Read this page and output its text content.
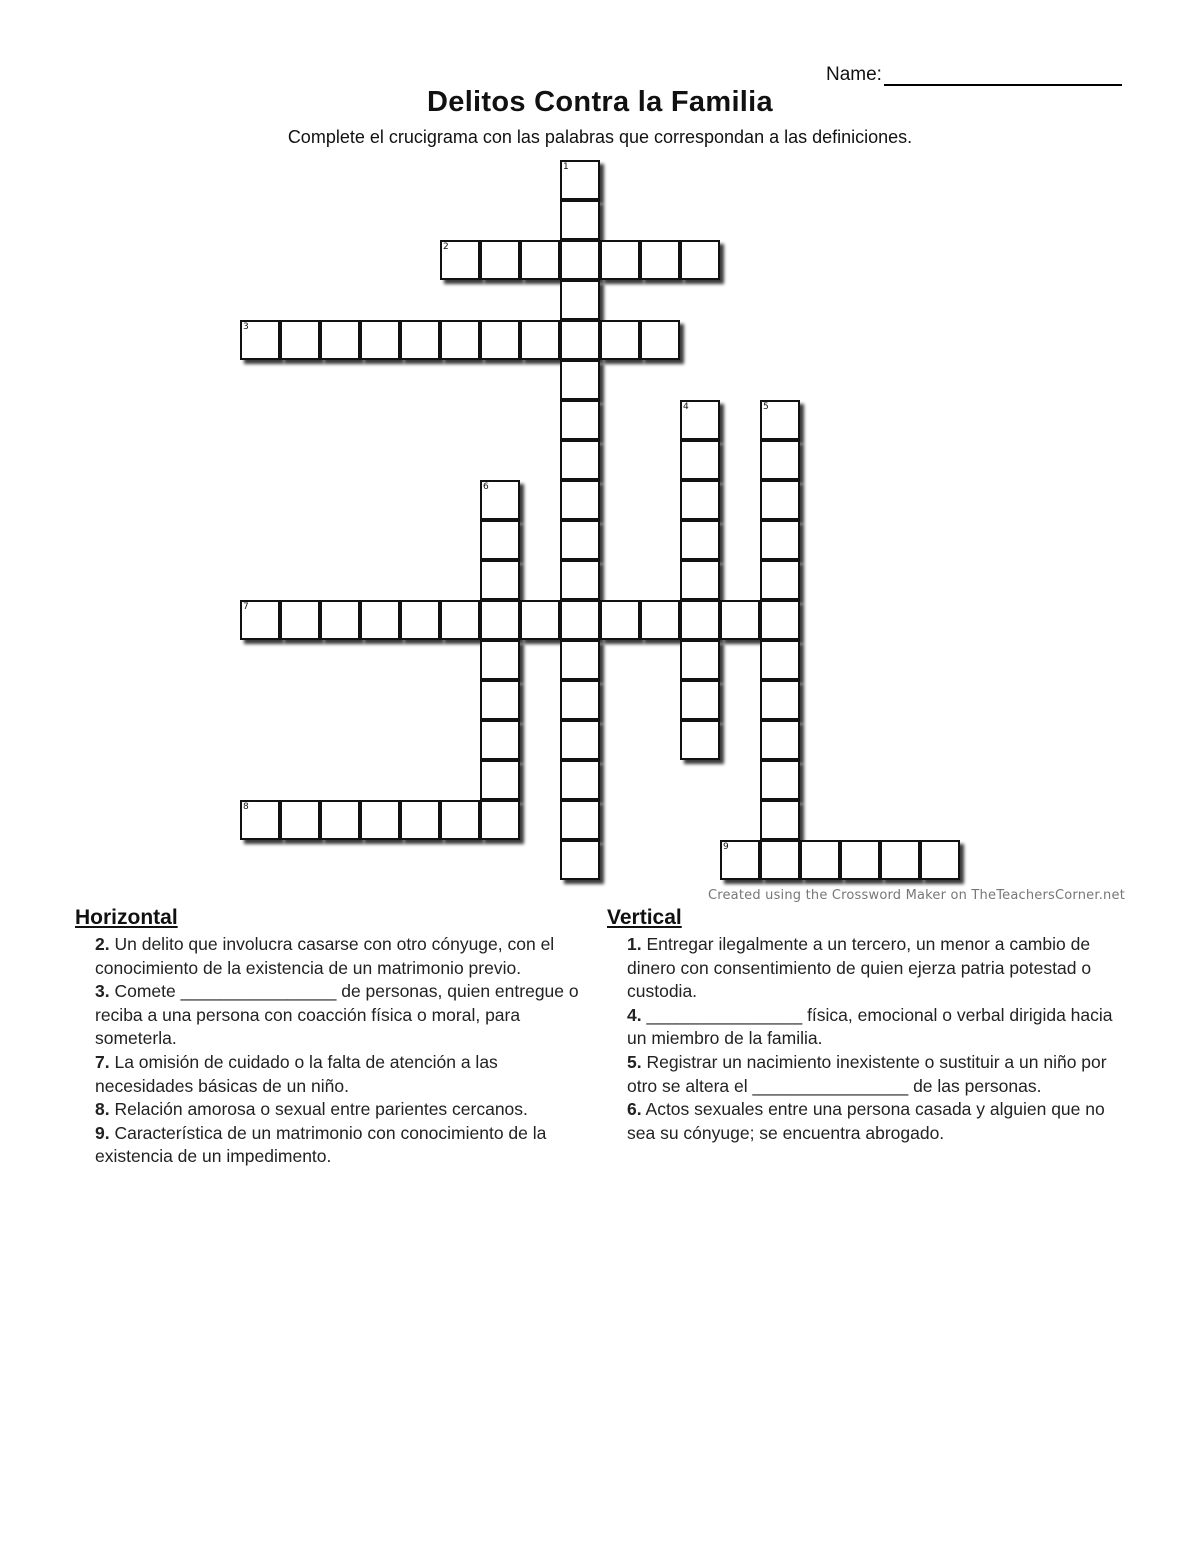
Name:
Delitos Contra la Familia
Complete el crucigrama con las palabras que correspondan a las definiciones.
1
2
3
4	5
6
7
8
9
Created using the Crossword Maker on TheTeachersCorner.net
Horizontal	Vertical

2. Un delito que involucra casarse con otro cónyuge, con el conocimiento de la existencia de un matrimonio previo.

3. Comete ________________ de personas, quien entregue o reciba a una persona con coacción física o moral, para someterla.

7. La omisión de cuidado o la falta de atención a las necesidades básicas de un niño.

8. Relación amorosa o sexual entre parientes cercanos.

9. Característica de un matrimonio con conocimiento de la existencia de un impedimento.

1. Entregar ilegalmente a un tercero, un menor a cambio de dinero con consentimiento de quien ejerza patria potestad o custodia.

4. ________________ física, emocional o verbal dirigida hacia un miembro de la familia.

5. Registrar un nacimiento inexistente o sustituir a un niño por otro se altera el ________________ de las personas.

6. Actos sexuales entre una persona casada y alguien que no sea su cónyuge; se encuentra abrogado.
